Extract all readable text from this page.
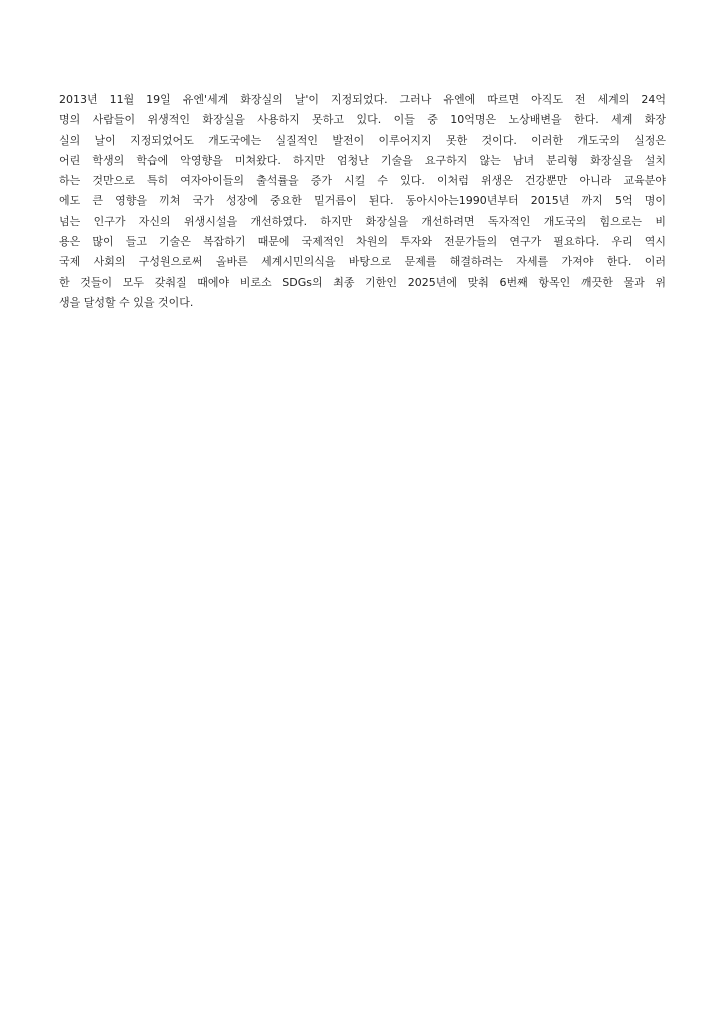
2013년 11월 19일 유엔'세계 화장실의 날'이 지정되었다. 그러나 유엔에 따르면 아직도 전 세계의 24억
명의 사람들이 위생적인 화장실을 사용하지 못하고 있다. 이들 중 10억명은 노상배변을 한다. 세계 화장
실의 날이 지정되었어도 개도국에는 실질적인 발전이 이루어지지 못한 것이다. 이러한 개도국의 실정은
어린 학생의 학습에 악영향을 미쳐왔다. 하지만 엄청난 기술을 요구하지 않는 남녀 분리형 화장실을 설치
하는 것만으로 특히 여자아이들의 출석률을 증가 시킬 수 있다. 이처럼 위생은 건강뿐만 아니라 교육분야
에도 큰 영향을 끼쳐 국가 성장에 중요한 밑거름이 된다. 동아시아는1990년부터 2015년 까지 5억 명이
넘는 인구가 자신의 위생시설을 개선하였다. 하지만 화장실을 개선하려면 독자적인 개도국의 힘으로는 비
용은 많이 들고 기술은 복잡하기 때문에 국제적인 차원의 투자와 전문가들의 연구가 필요하다. 우리 역시
국제 사회의 구성원으로써 올바른 세계시민의식을 바탕으로 문제를 해결하려는 자세를 가져야 한다. 이러
한 것들이 모두 갖춰질 때에야 비로소 SDGs의 최종 기한인 2025년에 맞춰 6번째 항목인 깨끗한 물과 위
생을 달성할 수 있을 것이다.
